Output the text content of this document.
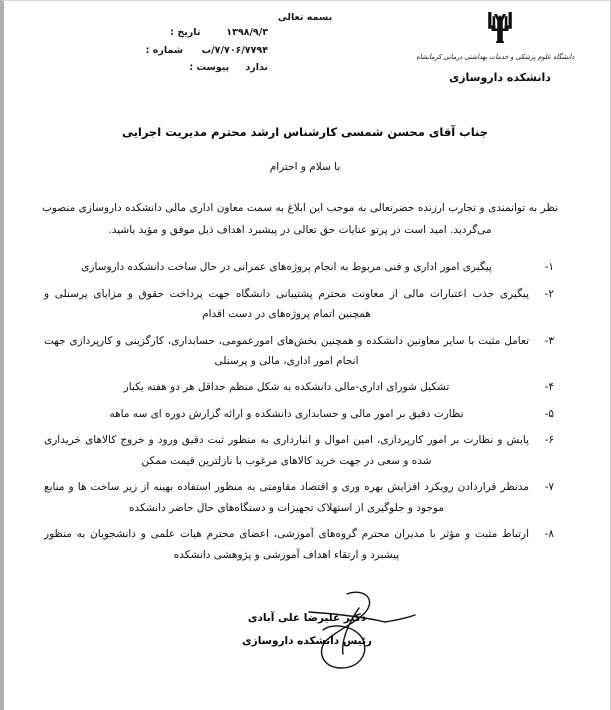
بسمه تعالی
دانشگاه علوم پزشکی و خدمات بهداشتی درمانی کرمانشاه
دانشکده داروسازی
۱۳۹۸/۹/۳
تاریخ :
۷/۷۰۶/۷۷۹۴/ب
شماره :
ندارد
پیوست :
جناب آقای محسن شمسی کارشناس ارشد محترم مدیریت اجرایی
با سلام و احترام

نظر به توانمندی و تجارب ارزنده حضرتعالی به موجب این ابلاغ به سمت معاون اداری مالی دانشکده داروسازی منصوب می‌گردید. امید است در پرتو عنایات حق تعالی در پیشبرد اهداف ذیل موفق و مؤید باشید.

۱-
پیگیری امور اداری و فنی مربوط به انجام پروژه‌های عمرانی در حال ساخت دانشکده داروسازی
۲-
پیگیری جذب اعتبارات مالی از معاونت محترم پشتیبانی دانشگاه جهت پرداخت حقوق و مزایای پرسنلی و همچنین اتمام پروژه‌های در دست اقدام
۳-
تعامل مثبت با سایر معاونین دانشکده و همچنین بخش‌های امورعمومی، حسابداری، کارگزینی و کارپردازی جهت انجام امور اداری، مالی و پرسنلی
۴-
تشکیل شورای اداری-مالی دانشکده به شکل منظم حداقل هر دو هفته یکبار
۵-
نظارت دقیق بر امور مالی و حسابداری دانشکده و ارائه گزارش دوره ای سه ماهه
۶-
پایش و نظارت بر امور کارپردازی، امین اموال و انبارداری به منظور ثبت دقیق ورود و خروج کالاهای خریداری شده و سعی در جهت خرید کالاهای مرغوب با نازلترین قیمت ممکن
۷-
مدنظر قراردادن رویکرد افزایش بهره وری و اقتصاد مقاومتی به منظور استفاده بهینه از زیر ساخت ها و منابع موجود و جلوگیری از استهلاک تجهیزات و دستگاه‌های حال حاضر دانشکده
۸-
ارتباط مثبت و مؤثر با مدیران محترم گروه‌های آموزشی، اعضای محترم هیات علمی و دانشجویان به منظور پیشبرد و ارتقاء اهداف آموزشی و پژوهشی دانشکده
دکتر علیرضا علی آبادی
رئیس دانشکده داروسازی
